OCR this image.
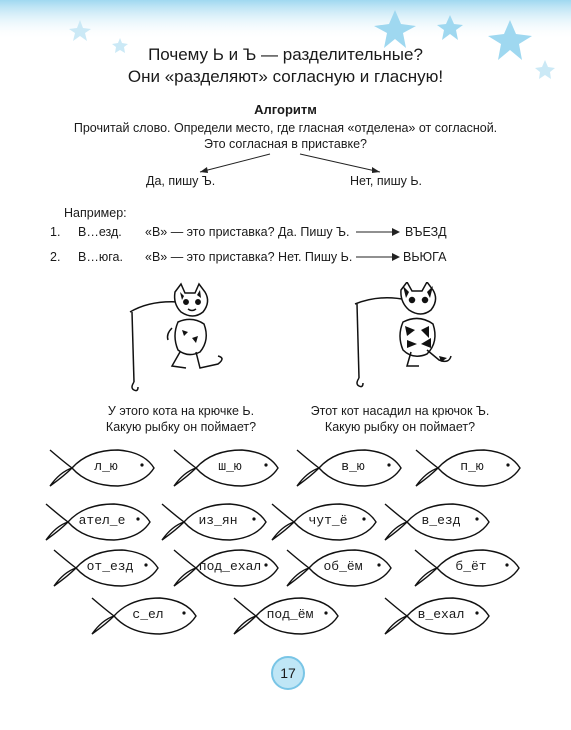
Почему Ь и Ъ — разделительные?
Они «разделяют» согласную и гласную!
Алгоритм
Прочитай слово. Определи место, где гласная «отделена» от согласной.
Это согласная в приставке?
Да, пишу Ъ.	Нет, пишу Ь.
Например:
1. В…езд. «В» — это приставка? Да. Пишу Ъ.	ВЪЕЗД
2. В…юга. «В» — это приставка? Нет. Пишу Ь.	ВЬЮГА
У этого кота на крючке Ь.
Какую рыбку он поймает?
Этот кот насадил на крючок Ъ.
Какую рыбку он поймает?
л_ю	ш_ю	в_ю	п_ю
ател_е	из_ян	чут_ё	в_езд
от_езд	под_ехал	об_ём	б_ёт
с_ел	под_ём	в_ехал
17
